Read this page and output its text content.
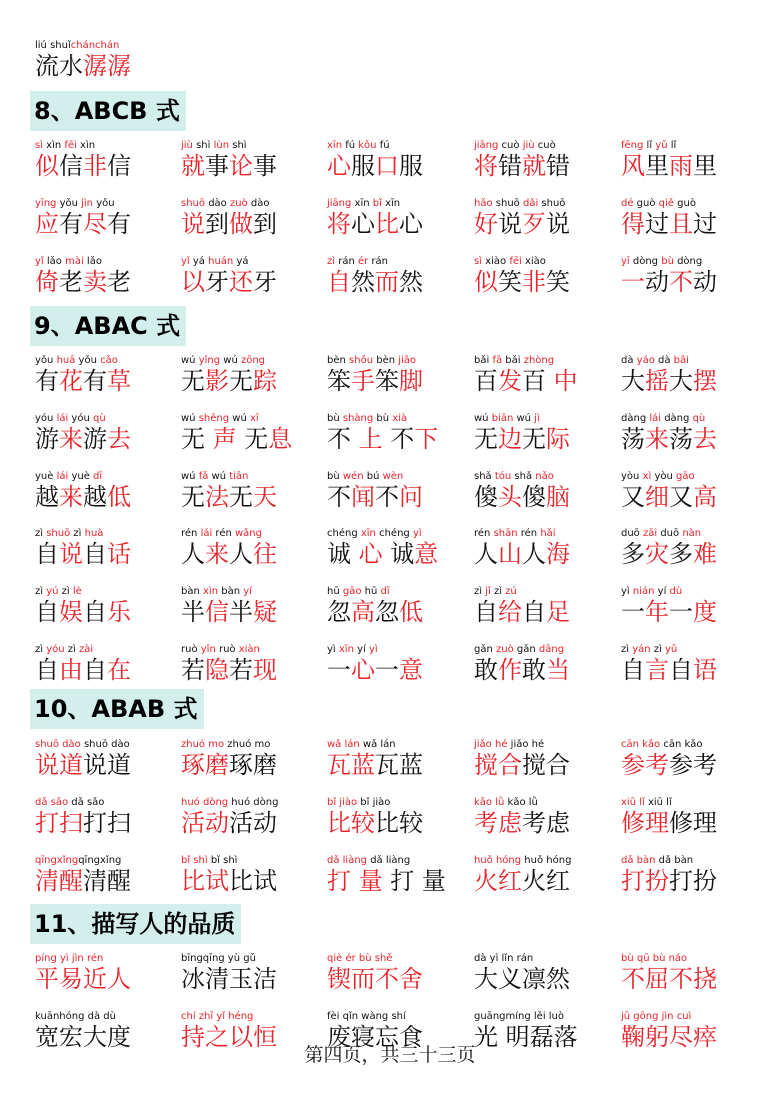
liú shuǐchánchán
流水潺潺
8、ABCB 式
sì xìn fēi xìn
似信非信
jiù shì lùn shì
就事论事
xīn fú kǒu fú
心服口服
jiāng cuò jiù cuò
将错就错
fēng lǐ yǔ lǐ
风里雨里
yīng yǒu jìn yǒu
应有尽有
shuō dào zuò dào
说到做到
jiāng xīn bǐ xīn
将心比心
hǎo shuō dǎi shuō
好说歹说
dé guò qiě guò
得过且过
yǐ lǎo mài lǎo
倚老卖老
yǐ yá huán yá
以牙还牙
zì rán ér rán
自然而然
sì xiào fēi xiào
似笑非笑
yī dòng bù dòng
一动不动
9、ABAC 式
yǒu huā yǒu cǎo
有花有草
wú yǐng wú zōng
无影无踪
bèn shǒu bèn jiǎo
笨手笨脚
bǎi fā bǎi zhòng
百发百 中
dà yáo dà bǎi
大摇大摆
yóu lái yóu qù
游来游去
wú shēng wú xī
无 声 无息
bù shàng bù xià
不 上 不下
wú biān wú jì
无边无际
dàng lái dàng qù
荡来荡去
yuè lái yuè dī
越来越低
wú fǎ wú tiān
无法无天
bù wén bú wèn
不闻不问
shǎ tóu shǎ nǎo
傻头傻脑
yòu xì yòu gāo
又细又高
zì shuō zì huà
自说自话
rén lái rén wǎng
人来人往
chéng xīn chéng yì
诚 心 诚意
rén shān rén hǎi
人山人海
duō zāi duō nàn
多灾多难
zì yú zì lè
自娱自乐
bàn xìn bàn yí
半信半疑
hū gāo hū dī
忽高忽低
zì jǐ zì zú
自给自足
yì nián yí dù
一年一度
zì yóu zì zài
自由自在
ruò yǐn ruò xiàn
若隐若现
yì xīn yí yì
一心一意
gǎn zuò gǎn dāng
敢作敢当
zì yán zì yǔ
自言自语
10、ABAB 式
shuō dào shuō dào
说道说道
zhuó mo zhuó mo
琢磨琢磨
wǎ lán wǎ lán
瓦蓝瓦蓝
jiǎo hé jiǎo hé
搅合搅合
cān kǎo cān kǎo
参考参考
dǎ sǎo dǎ sǎo
打扫打扫
huó dòng huó dòng
活动活动
bǐ jiào bǐ jiào
比较比较
kǎo lǜ kǎo lǜ
考虑考虑
xiū lǐ xiū lǐ
修理修理
qīngxǐngqīngxǐng
清醒清醒
bǐ shì bǐ shì
比试比试
dǎ liàng dǎ liàng
打 量 打 量
huǒ hóng huǒ hóng
火红火红
dǎ bàn dǎ bàn
打扮打扮
11、描写人的品质
píng yì jìn rén
平易近人
bīngqīng yù gǔ
冰清玉洁
qiè ér bù shě
锲而不舍
dà yì lǐn rán
大义凛然
bù qū bù náo
不屈不挠
kuānhóng dà dù
宽宏大度
chí zhī yǐ héng
持之以恒
fèi qǐn wàng shí
废寝忘食
guāngmíng lěi luò
光 明磊落
jū gōng jìn cuì
鞠躬尽瘁
第四页，共三十三页
